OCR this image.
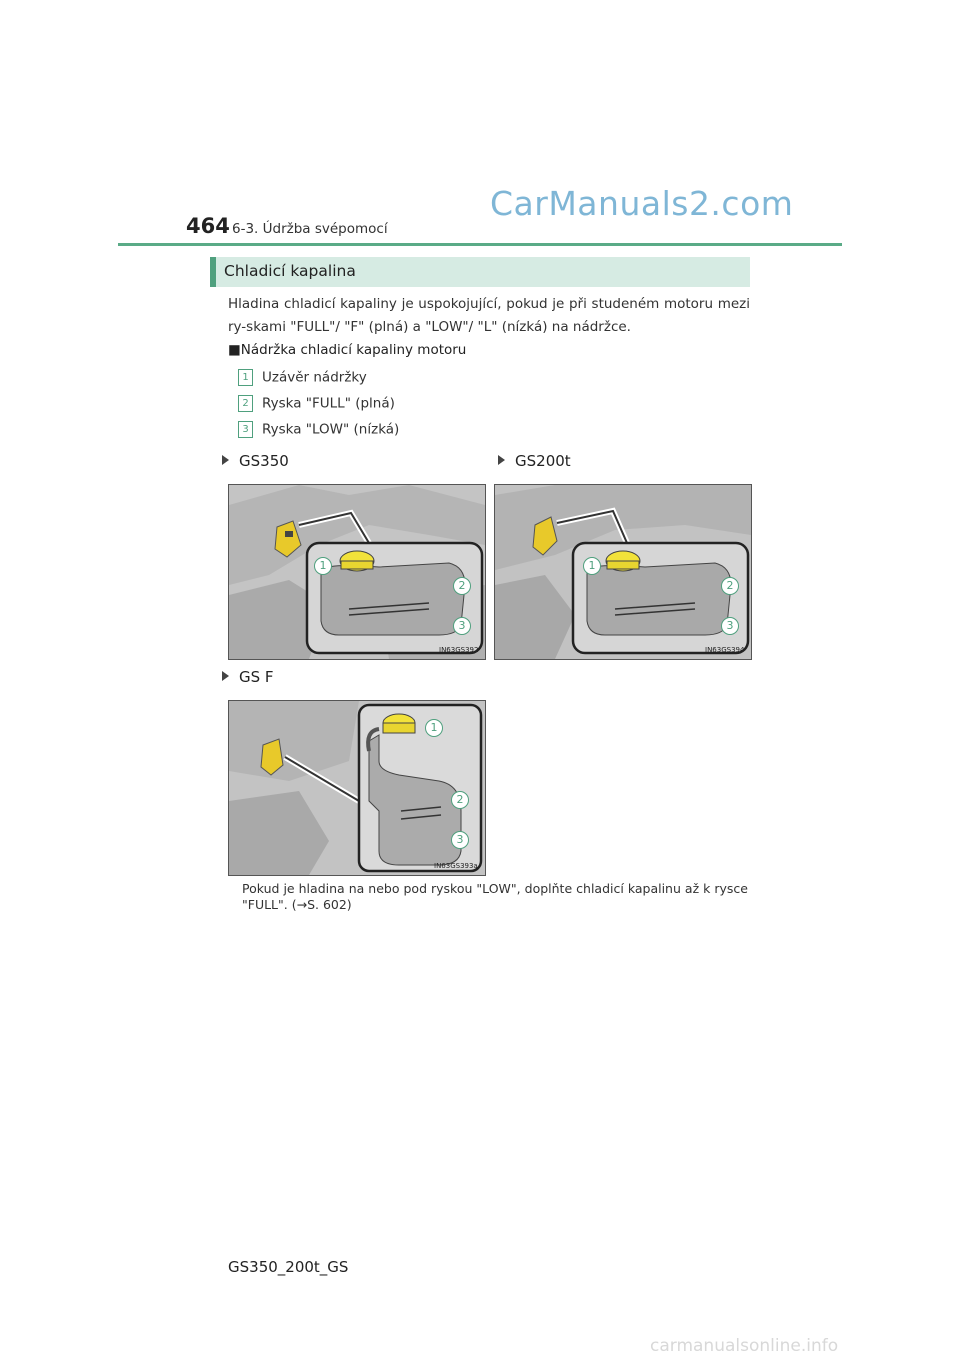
464 6-3. Údržba svépomocí
CarManuals2.com
Chladicí kapalina
Hladina chladicí kapaliny je uspokojující, pokud je při studeném motoru mezi ry-skami "FULL"/ "F" (plná) a "LOW"/ "L" (nízká) na nádržce.
■Nádržka chladicí kapaliny motoru
1 Uzávěr nádržky
2 Ryska "FULL" (plná)
3 Ryska "LOW" (nízká)
GS350	GS200t
1
2
3
IN63GS392
1
2
3
IN63GS394
GS F
1
2
3
IN63GS393a
Pokud je hladina na nebo pod ryskou "LOW", doplňte chladicí kapalinu až k rysce "FULL". (→S. 602)
GS350_200t_GS
carmanualsonline.info
